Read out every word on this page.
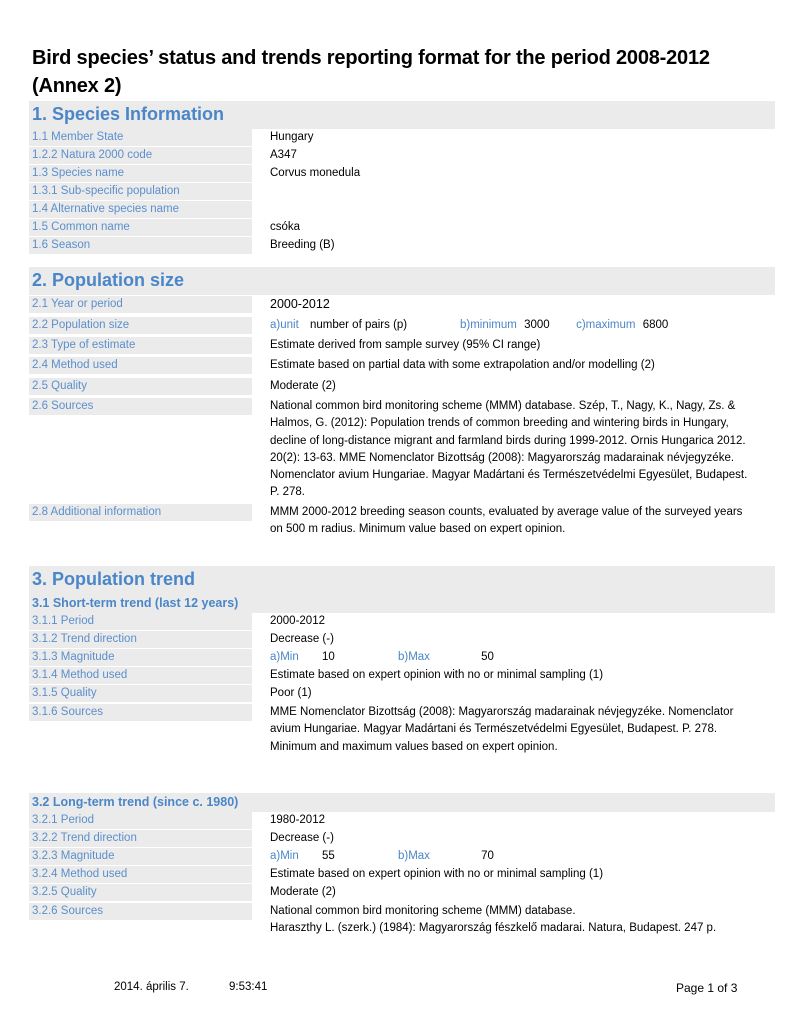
Bird species’ status and trends reporting format for the period 2008-2012 (Annex 2)
1. Species Information
1.1 Member State	Hungary
1.2.2 Natura 2000 code	A347
1.3 Species name	Corvus monedula
1.3.1 Sub-specific population
1.4 Alternative species name
1.5 Common name	csóka
1.6 Season	Breeding (B)
2. Population size
2.1 Year or period	2000-2012
2.2 Population size	a)unit number of pairs (p)	b)minimum 3000 c)maximum 6800
2.3 Type of estimate	Estimate derived from sample survey (95% CI range)
2.4 Method used	Estimate based on partial data with some extrapolation and/or modelling (2)
2.5 Quality	Moderate (2)
2.6 Sources	National common bird monitoring scheme (MMM) database. Szép, T., Nagy, K., Nagy, Zs. & Halmos, G. (2012): Population trends of common breeding and wintering birds in Hungary, decline of long-distance migrant and farmland birds during 1999-2012. Ornis Hungarica 2012. 20(2): 13-63. MME Nomenclator Bizottság (2008): Magyarország madarainak névjegyzéke. Nomenclator avium Hungariae. Magyar Madártani és Természetvédelmi Egyesület, Budapest. P. 278.
2.8 Additional information	MMM 2000-2012 breeding season counts, evaluated by average value of the surveyed years on 500 m radius. Minimum value based on expert opinion.
3. Population trend
3.1 Short-term trend (last 12 years)
3.1.1 Period	2000-2012
3.1.2 Trend direction	Decrease (-)
3.1.3 Magnitude	a)Min 10	b)Max	50
3.1.4 Method used	Estimate based on expert opinion with no or minimal sampling (1)
3.1.5 Quality	Poor (1)
3.1.6 Sources	MME Nomenclator Bizottság (2008): Magyarország madarainak névjegyzéke. Nomenclator avium Hungariae. Magyar Madártani és Természetvédelmi Egyesület, Budapest. P. 278.
Minimum and maximum values based on expert opinion.
3.2 Long-term trend (since c. 1980)
3.2.1 Period	1980-2012
3.2.2 Trend direction	Decrease (-)
3.2.3 Magnitude	a)Min 55	b)Max	70
3.2.4 Method used	Estimate based on expert opinion with no or minimal sampling (1)
3.2.5 Quality	Moderate (2)
3.2.6 Sources	National common bird monitoring scheme (MMM) database.
Haraszthy L. (szerk.) (1984): Magyarország fészkelő madarai. Natura, Budapest. 247 p.
2014. április 7.	9:53:41	Page 1 of 3
